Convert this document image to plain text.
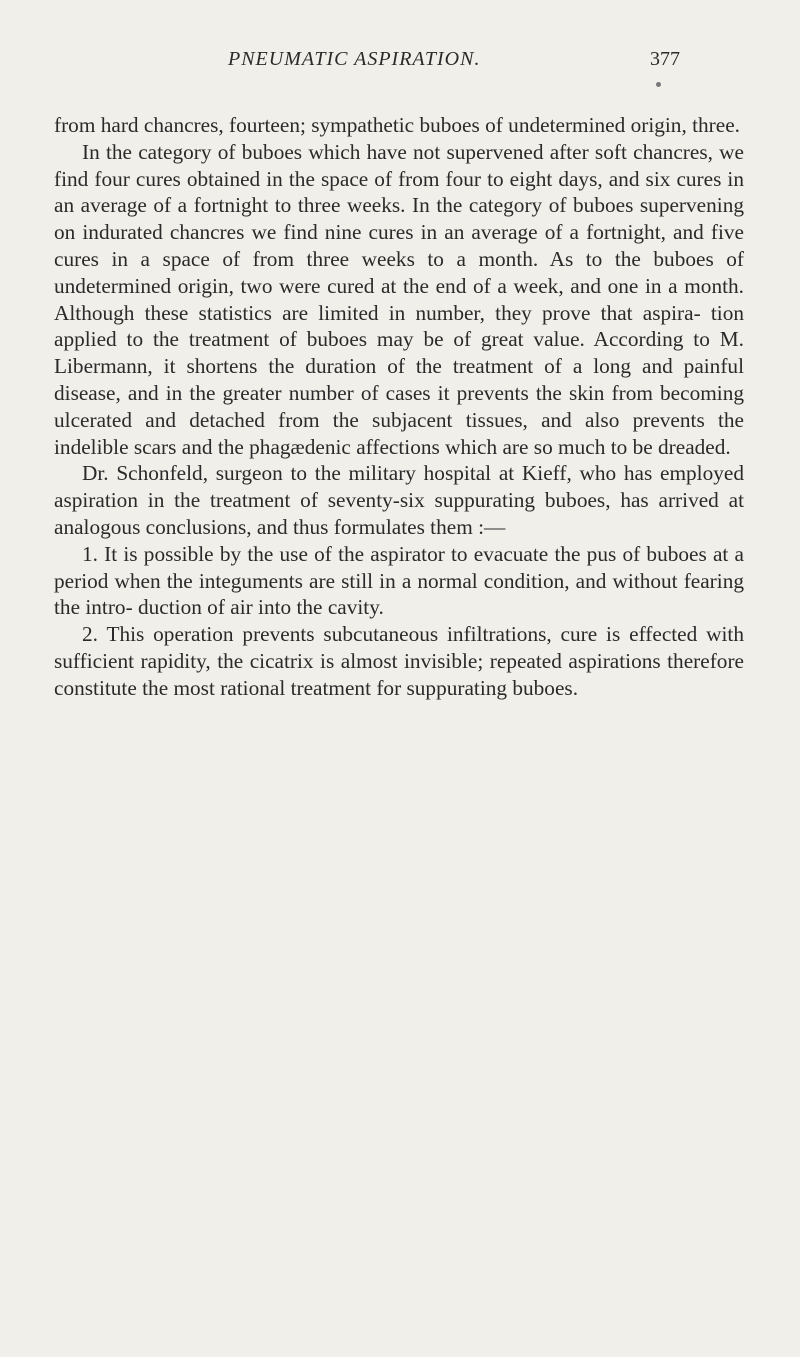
PNEUMATIC ASPIRATION.	377

from hard chancres, fourteen; sympathetic buboes of undetermined origin, three.

In the category of buboes which have not supervened after soft chancres, we find four cures obtained in the space of from four to eight days, and six cures in an average of a fortnight to three weeks. In the category of buboes supervening on indurated chancres we find nine cures in an average of a fortnight, and five cures in a space of from three weeks to a month. As to the buboes of undetermined origin, two were cured at the end of a week, and one in a month. Although these statistics are limited in number, they prove that aspira- tion applied to the treatment of buboes may be of great value. According to M. Libermann, it shortens the duration of the treatment of a long and painful disease, and in the greater number of cases it prevents the skin from becoming ulcerated and detached from the subjacent tissues, and also prevents the indelible scars and the phagædenic affections which are so much to be dreaded.

Dr. Schonfeld, surgeon to the military hospital at Kieff, who has employed aspiration in the treatment of seventy-six suppurating buboes, has arrived at analogous conclusions, and thus formulates them :—

1. It is possible by the use of the aspirator to evacuate the pus of buboes at a period when the integuments are still in a normal condition, and without fearing the intro- duction of air into the cavity.

2. This operation prevents subcutaneous infiltrations, cure is effected with sufficient rapidity, the cicatrix is almost invisible; repeated aspirations therefore constitute the most rational treatment for suppurating buboes.
